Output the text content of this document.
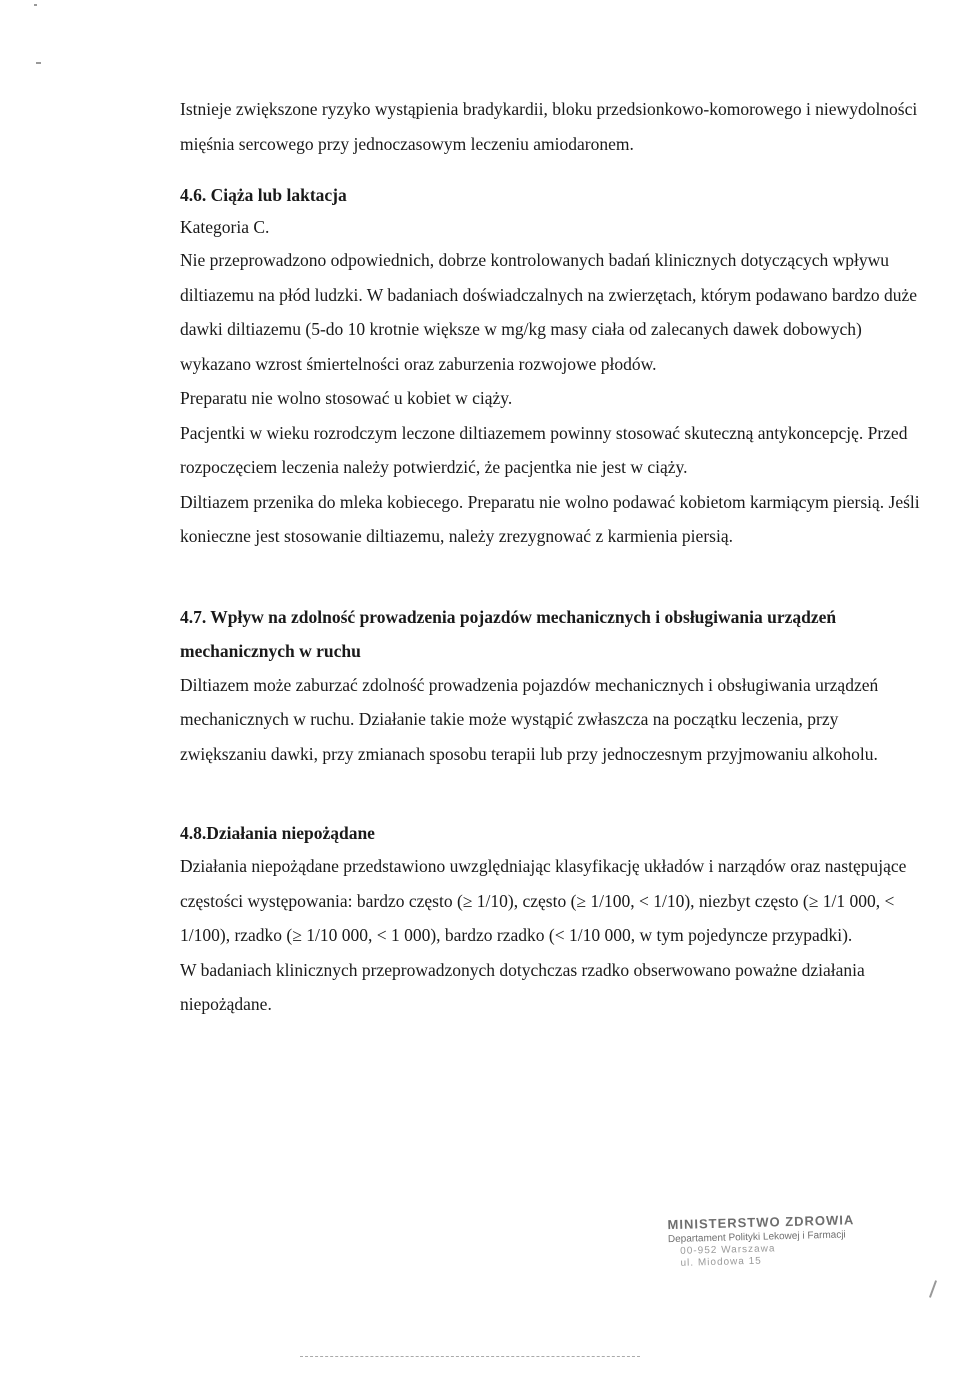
Istnieje zwiększone ryzyko wystąpienia bradykardii, bloku przedsionkowo-komorowego i niewydolności mięśnia sercowego przy jednoczasowym leczeniu amiodaronem.

4.6. Ciąża lub laktacja

Kategoria C.

Nie przeprowadzono odpowiednich, dobrze kontrolowanych badań klinicznych dotyczących wpływu diltiazemu na płód ludzki. W badaniach doświadczalnych na zwierzętach, którym podawano bardzo duże dawki diltiazemu (5-do 10 krotnie większe w mg/kg masy ciała od zalecanych dawek dobowych) wykazano wzrost śmiertelności oraz zaburzenia rozwojowe płodów.

Preparatu nie wolno stosować u kobiet w ciąży.

Pacjentki w wieku rozrodczym leczone diltiazemem powinny stosować skuteczną antykoncepcję. Przed rozpoczęciem leczenia należy potwierdzić, że pacjentka nie jest w ciąży.

Diltiazem przenika do mleka kobiecego. Preparatu nie wolno podawać kobietom karmiącym piersią. Jeśli konieczne jest stosowanie diltiazemu, należy zrezygnować z karmienia piersią.

4.7. Wpływ na zdolność prowadzenia pojazdów mechanicznych i obsługiwania urządzeń mechanicznych w ruchu

Diltiazem może zaburzać zdolność prowadzenia pojazdów mechanicznych i obsługiwania urządzeń mechanicznych w ruchu. Działanie takie może wystąpić zwłaszcza na początku leczenia, przy zwiększaniu dawki, przy zmianach sposobu terapii lub przy jednoczesnym przyjmowaniu alkoholu.

4.8.Działania niepożądane

Działania niepożądane przedstawiono uwzględniając klasyfikację układów i narządów oraz następujące częstości występowania: bardzo często (≥ 1/10), często (≥ 1/100, < 1/10), niezbyt często (≥ 1/1 000, < 1/100), rzadko (≥ 1/10 000, < 1 000), bardzo rzadko (< 1/10 000, w tym pojedyncze przypadki).

W badaniach klinicznych przeprowadzonych dotychczas rzadko obserwowano poważne działania niepożądane.

MINISTERSTWO ZDROWIA
Departament Polityki Lekowej i Farmacji
00-952 Warszawa
ul. Miodowa 15
